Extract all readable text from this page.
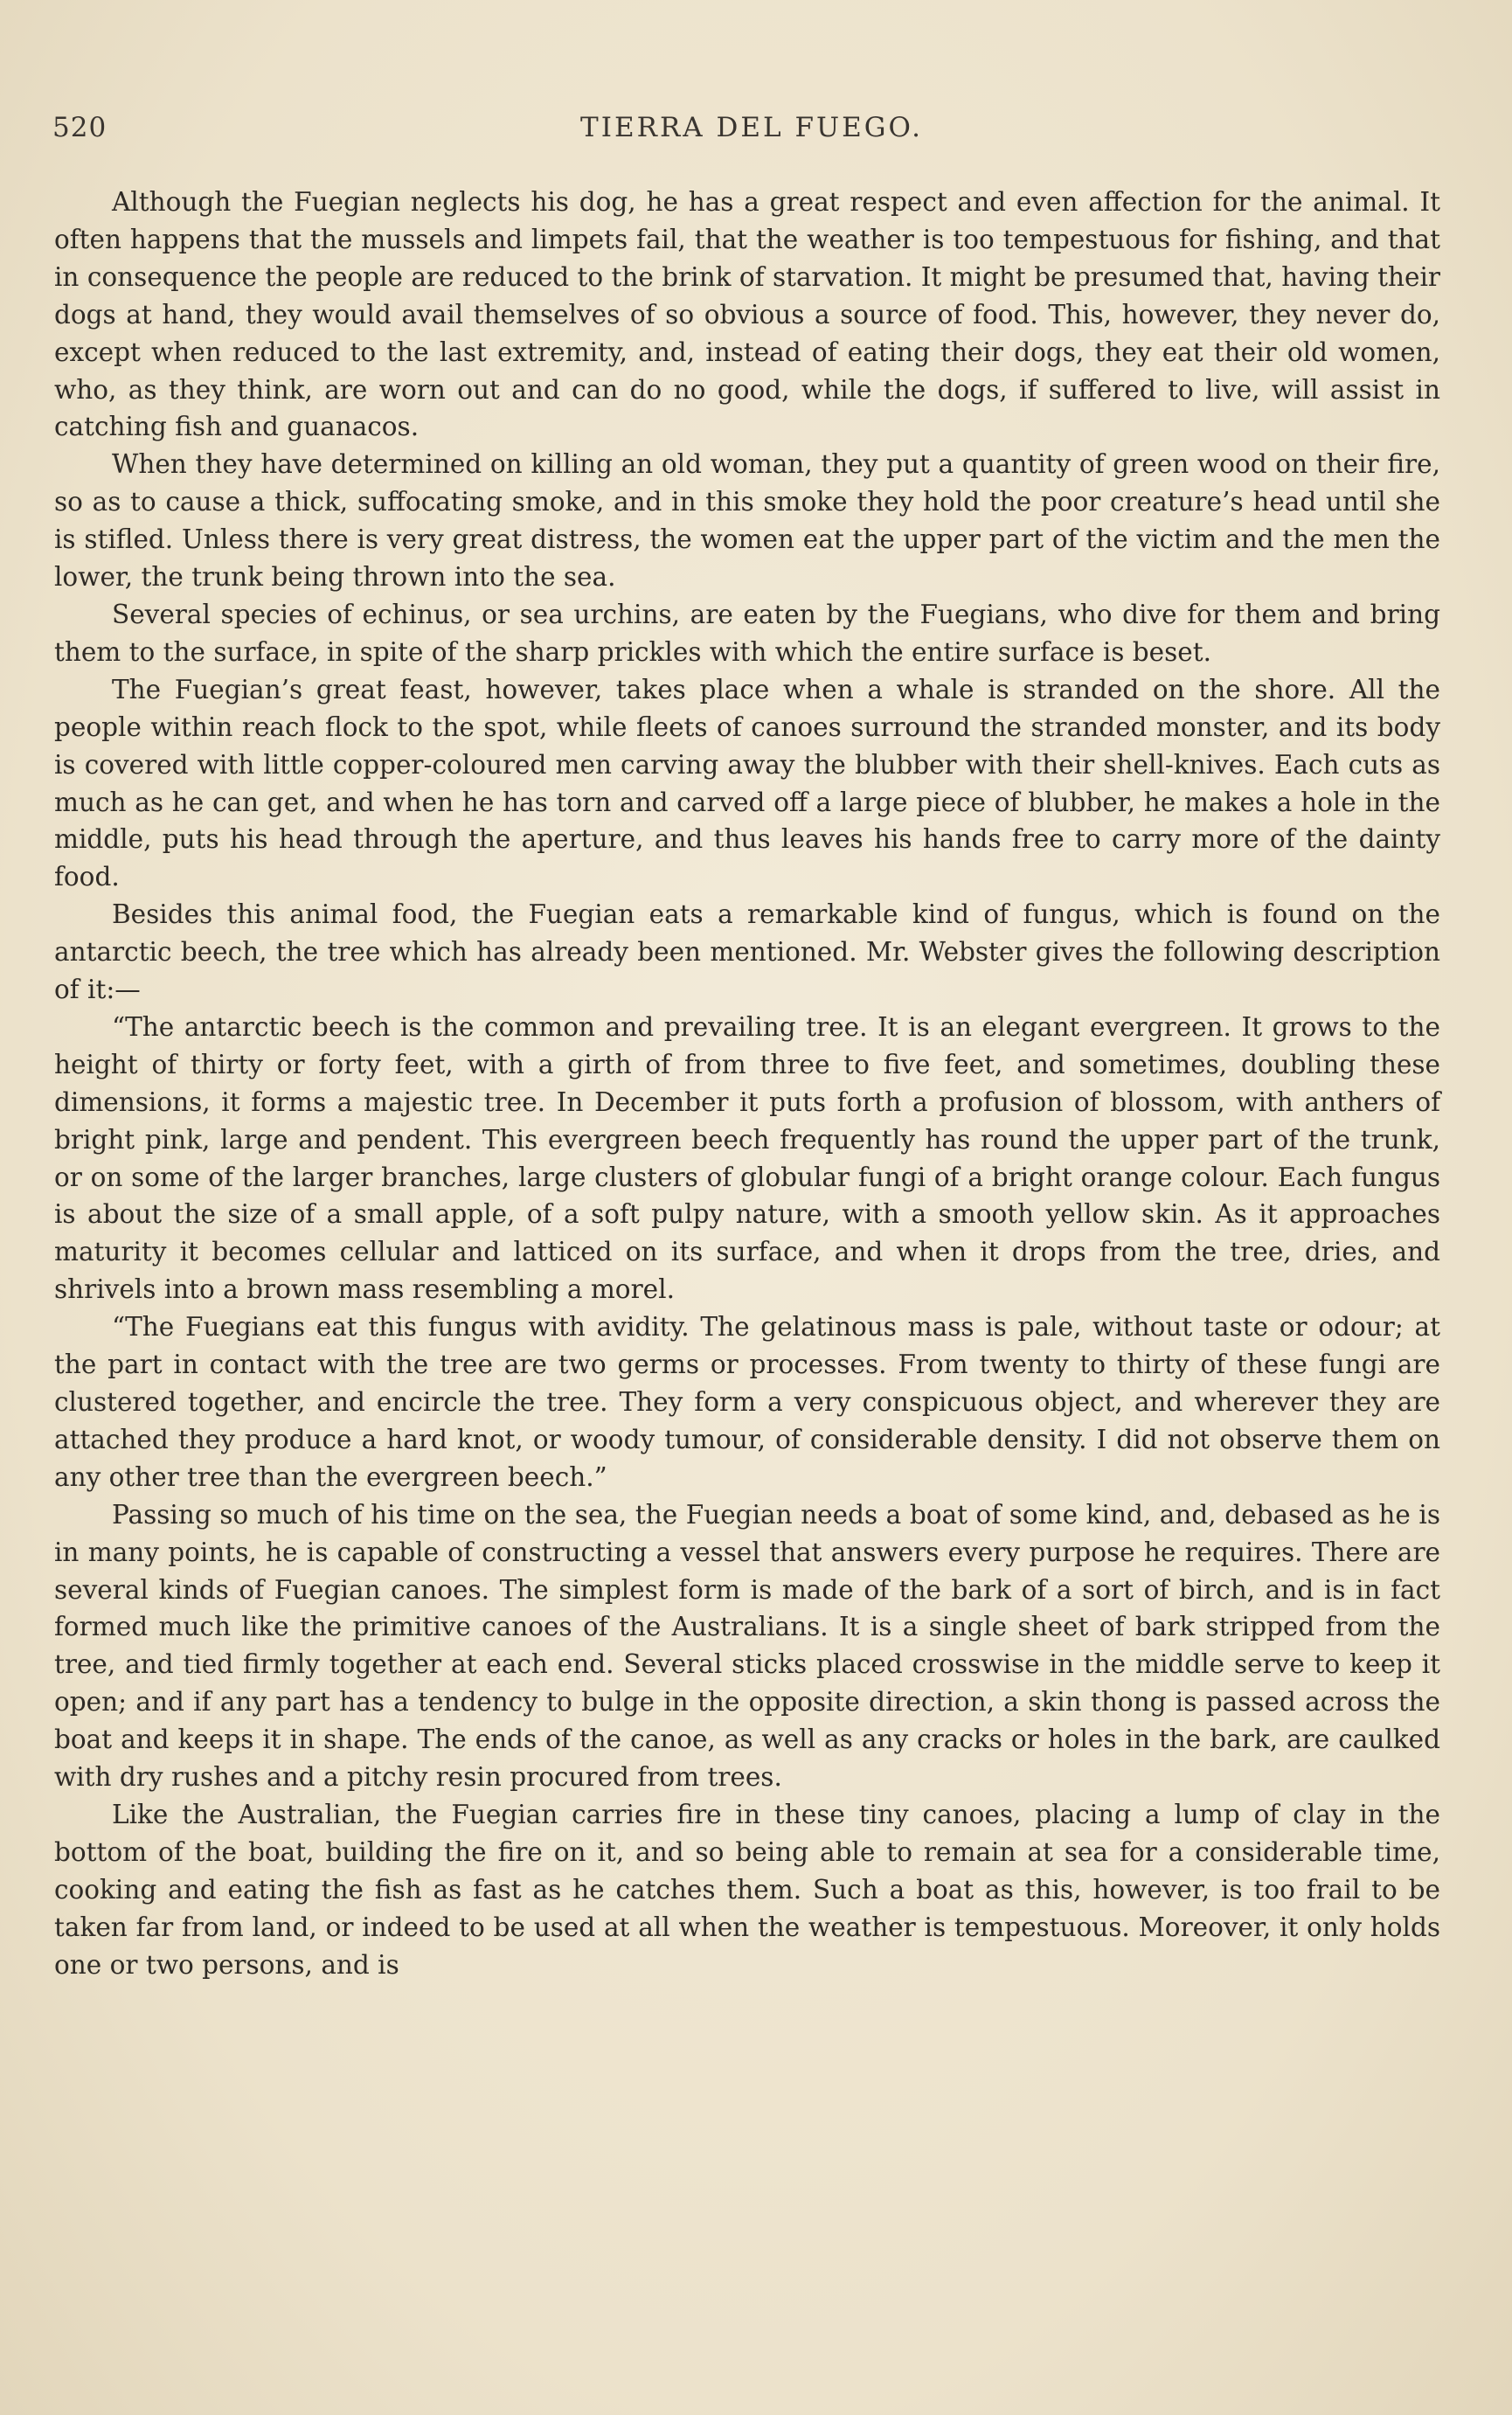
520	TIERRA DEL FUEGO.

Although the Fuegian neglects his dog, he has a great respect and even affection for the animal. It often happens that the mussels and limpets fail, that the weather is too tempestuous for fishing, and that in consequence the people are reduced to the brink of starvation. It might be presumed that, having their dogs at hand, they would avail themselves of so obvious a source of food. This, however, they never do, except when reduced to the last extremity, and, instead of eating their dogs, they eat their old women, who, as they think, are worn out and can do no good, while the dogs, if suffered to live, will assist in catching fish and guanacos.

When they have determined on killing an old woman, they put a quantity of green wood on their fire, so as to cause a thick, suffocating smoke, and in this smoke they hold the poor creature’s head until she is stifled. Unless there is very great distress, the women eat the upper part of the victim and the men the lower, the trunk being thrown into the sea.

Several species of echinus, or sea urchins, are eaten by the Fuegians, who dive for them and bring them to the surface, in spite of the sharp prickles with which the entire surface is beset.

The Fuegian’s great feast, however, takes place when a whale is stranded on the shore. All the people within reach flock to the spot, while fleets of canoes surround the stranded monster, and its body is covered with little copper-coloured men carving away the blubber with their shell-knives. Each cuts as much as he can get, and when he has torn and carved off a large piece of blubber, he makes a hole in the middle, puts his head through the aperture, and thus leaves his hands free to carry more of the dainty food.

Besides this animal food, the Fuegian eats a remarkable kind of fungus, which is found on the antarctic beech, the tree which has already been mentioned. Mr. Webster gives the following description of it:—

“The antarctic beech is the common and prevailing tree. It is an elegant evergreen. It grows to the height of thirty or forty feet, with a girth of from three to five feet, and sometimes, doubling these dimensions, it forms a majestic tree. In December it puts forth a profusion of blossom, with anthers of bright pink, large and pendent. This evergreen beech frequently has round the upper part of the trunk, or on some of the larger branches, large clusters of globular fungi of a bright orange colour. Each fungus is about the size of a small apple, of a soft pulpy nature, with a smooth yellow skin. As it approaches maturity it becomes cellular and latticed on its surface, and when it drops from the tree, dries, and shrivels into a brown mass resembling a morel.

“The Fuegians eat this fungus with avidity. The gelatinous mass is pale, without taste or odour; at the part in contact with the tree are two germs or processes. From twenty to thirty of these fungi are clustered together, and encircle the tree. They form a very conspicuous object, and wherever they are attached they produce a hard knot, or woody tumour, of considerable density. I did not observe them on any other tree than the evergreen beech.”

Passing so much of his time on the sea, the Fuegian needs a boat of some kind, and, debased as he is in many points, he is capable of constructing a vessel that answers every purpose he requires. There are several kinds of Fuegian canoes. The simplest form is made of the bark of a sort of birch, and is in fact formed much like the primitive canoes of the Australians. It is a single sheet of bark stripped from the tree, and tied firmly together at each end. Several sticks placed crosswise in the middle serve to keep it open; and if any part has a tendency to bulge in the opposite direction, a skin thong is passed across the boat and keeps it in shape. The ends of the canoe, as well as any cracks or holes in the bark, are caulked with dry rushes and a pitchy resin procured from trees.

Like the Australian, the Fuegian carries fire in these tiny canoes, placing a lump of clay in the bottom of the boat, building the fire on it, and so being able to remain at sea for a considerable time, cooking and eating the fish as fast as he catches them. Such a boat as this, however, is too frail to be taken far from land, or indeed to be used at all when the weather is tempestuous. Moreover, it only holds one or two persons, and is
